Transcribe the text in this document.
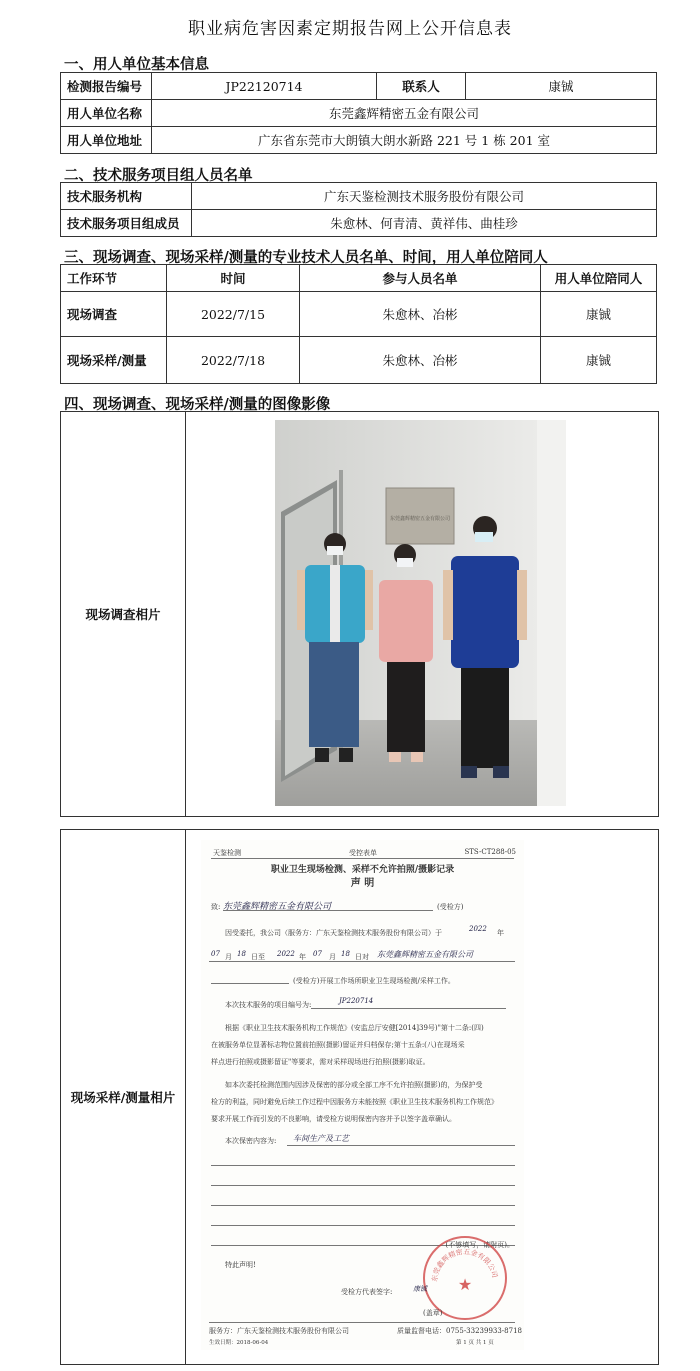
职业病危害因素定期报告网上公开信息表
一、用人单位基本信息
检测报告编号	JP22120714	联系人	康铖
用人单位名称	东莞鑫辉精密五金有限公司		
用人单位地址	广东省东莞市大朗镇大朗水新路 221 号 1 栋 201 室		
二、技术服务项目组人员名单
技术服务机构	广东天鉴检测技术服务股份有限公司
技术服务项目组成员	朱愈林、何青清、黄祥伟、曲桂珍
三、现场调查、现场采样/测量的专业技术人员名单、时间，用人单位陪同人
工作环节	时间	参与人员名单	用人单位陪同人
现场调查	2022/7/15	朱愈林、冶彬	康铖
现场采样/测量	2022/7/18	朱愈林、冶彬	康铖
四、现场调查、现场采样/测量的图像影像
现场调查相片
东莞鑫辉精密五金有限公司
现场采样/测量相片
天鉴检测	受控表单	STS-CT288-05
职业卫生现场检测、采样不允许拍照/摄影记录
声 明
致: 东莞鑫辉精密五金有限公司	(受检方)
因受委托，我公司（服务方：广东天鉴检测技术服务股份有限公司）于	2022 年
07 月 18 日至 2022 年 07 月 18 日对 东莞鑫辉精密五金有限公司
(受检方)开展工作场所职业卫生现场检测/采样工作。
本次技术服务的项目编号为:	JP220714
根据《职业卫生技术服务机构工作规范》(安监总厅安健[2014]39号)"第十二条:(四)
在被服务单位显著标志物位置前拍照(摄影)留证并归档保存;第十五条:(八)在现场采
样点进行拍照或摄影留证"等要求，需对采样现场进行拍照(摄影)取证。
如本次委托检测范围内因涉及保密的部分或全部工序不允许拍照(摄影)的，为保护受
检方的利益，同时避免后续工作过程中因服务方未能按照《职业卫生技术服务机构工作规范》
要求开展工作而引发的不良影响，请受检方说明保密内容并予以签字盖章确认。
本次保密内容为: 车间生产及工艺
(不够填写，请附页)。
特此声明!
东莞鑫辉精密五金有限公司
★
受检方代表签字:	康铖
(盖章)
服务方：广东天鉴检测技术服务股份有限公司	质量监督电话：0755-33239933-8718
生效日期：2018-06-04	第 1 页 共 1 页
